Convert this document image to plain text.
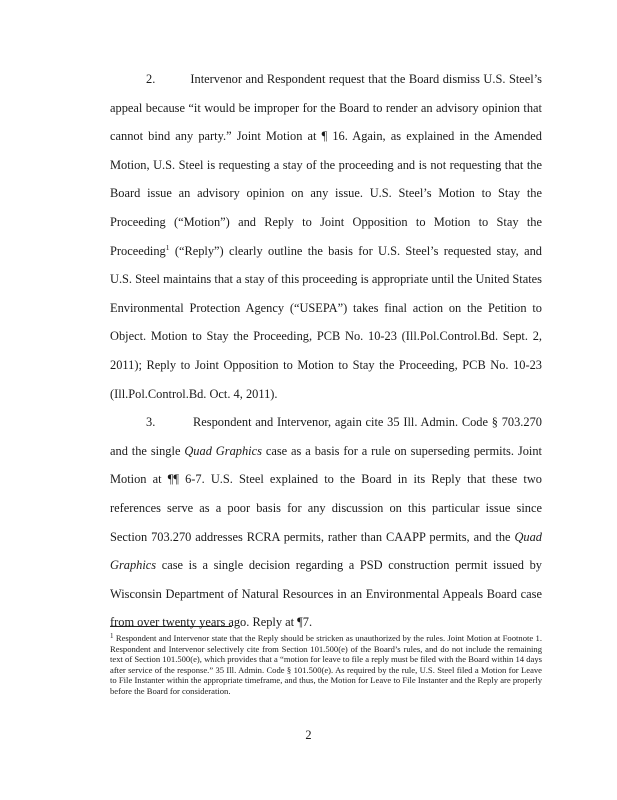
2.	Intervenor and Respondent request that the Board dismiss U.S. Steel’s appeal because “it would be improper for the Board to render an advisory opinion that cannot bind any party.” Joint Motion at ¶ 16. Again, as explained in the Amended Motion, U.S. Steel is requesting a stay of the proceeding and is not requesting that the Board issue an advisory opinion on any issue. U.S. Steel’s Motion to Stay the Proceeding (“Motion”) and Reply to Joint Opposition to Motion to Stay the Proceeding$^1$ (“Reply”) clearly outline the basis for U.S. Steel’s requested stay, and U.S. Steel maintains that a stay of this proceeding is appropriate until the United States Environmental Protection Agency (“USEPA”) takes final action on the Petition to Object. Motion to Stay the Proceeding, PCB No. 10-23 (Ill.Pol.Control.Bd. Sept. 2, 2011); Reply to Joint Opposition to Motion to Stay the Proceeding, PCB No. 10-23 (Ill.Pol.Control.Bd. Oct. 4, 2011).

3.	Respondent and Intervenor, again cite 35 Ill. Admin. Code § 703.270 and the single Quad Graphics case as a basis for a rule on superseding permits. Joint Motion at ¶¶ 6-7. U.S. Steel explained to the Board in its Reply that these two references serve as a poor basis for any discussion on this particular issue since Section 703.270 addresses RCRA permits, rather than CAAPP permits, and the Quad Graphics case is a single decision regarding a PSD construction permit issued by Wisconsin Department of Natural Resources in an Environmental Appeals Board case from over twenty years ago. Reply at ¶7.

$^1$ Respondent and Intervenor state that the Reply should be stricken as unauthorized by the rules. Joint Motion at Footnote 1. Respondent and Intervenor selectively cite from Section 101.500(e) of the Board’s rules, and do not include the remaining text of Section 101.500(e), which provides that a “motion for leave to file a reply must be filed with the Board within 14 days after service of the response.” 35 Ill. Admin. Code § 101.500(e). As required by the rule, U.S. Steel filed a Motion for Leave to File Instanter within the appropriate timeframe, and thus, the Motion for Leave to File Instanter and the Reply are properly before the Board for consideration.

2
